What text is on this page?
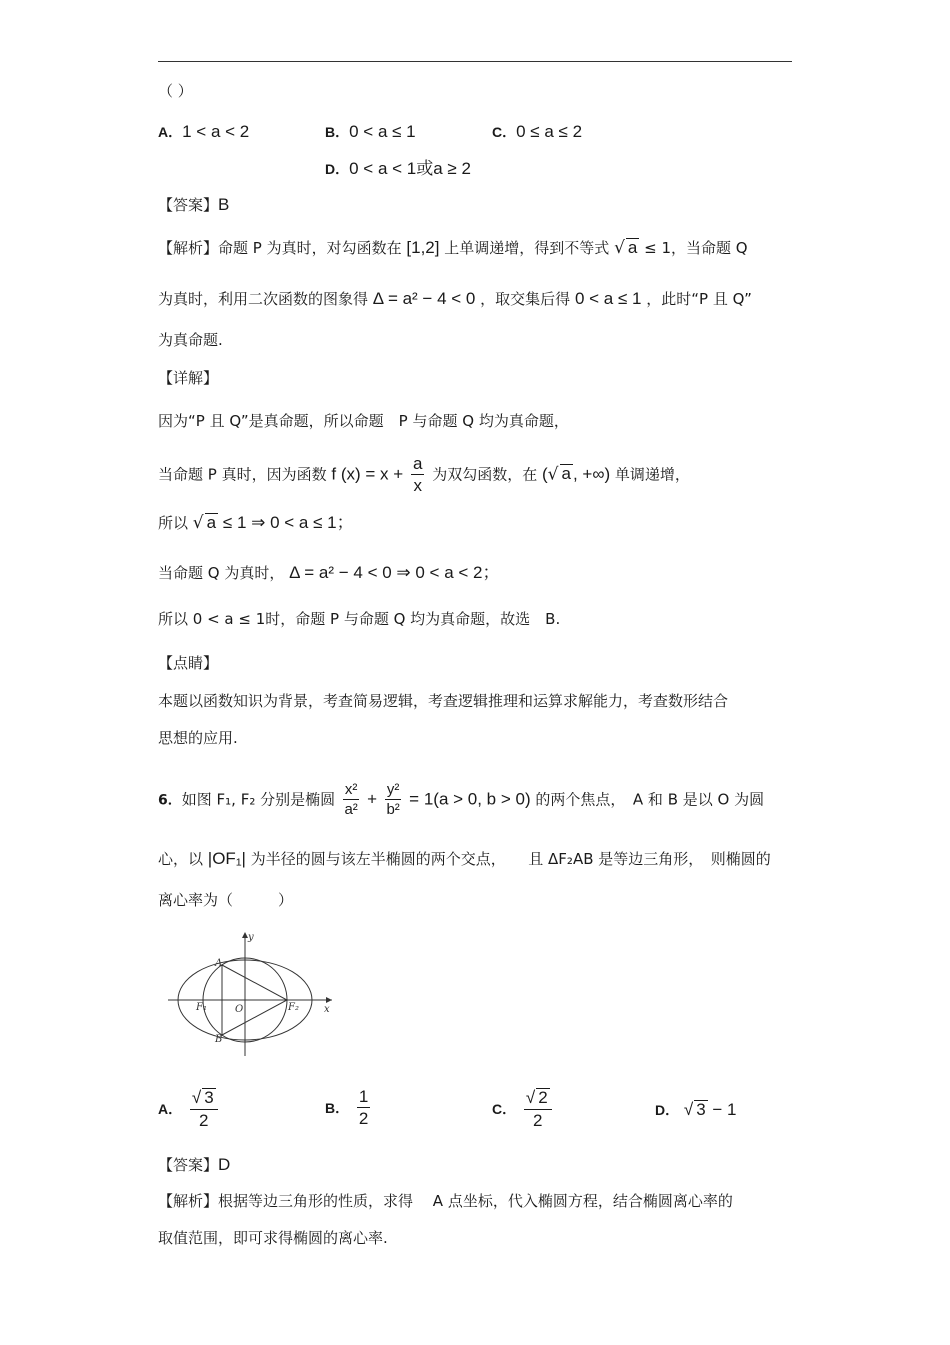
（ ）
A．1 < a < 2	B．0 < a ≤ 1	C．0 ≤ a ≤ 2
D．0 < a < 1或a ≥ 2
【答案】B
【解析】命题 P 为真时，对勾函数在 [1,2] 上单调递增，得到不等式 √ a ≤ 1，当命题 Q
为真时，利用二次函数的图象得 Δ = a² − 4 < 0 ，取交集后得 0 < a ≤ 1 ，此时“P 且 Q”
为真命题.
【详解】
因为“P 且 Q”是真命题，所以命题　P 与命题 Q 均为真命题，
当命题 P 真时，因为函数 f $(x) = x + \frac{a}{x}$ 为双勾函数，在 (√ a , +∞) 单调递增，
所以 √ a ≤ 1 ⇒ 0 < a ≤ 1；
当命题 Q 为真时， Δ = a² − 4 < 0 ⇒ 0 < a < 2；
所以 0 < a ≤ 1时，命题 P 与命题 Q 均为真命题，故选　B.
【点睛】
本题以函数知识为背景，考查简易逻辑，考查逻辑推理和运算求解能力，考查数形结合
思想的应用.
6．如图 F₁, F₂ 分别是椭圆 $\frac{\text{x²}}{\text{a²}} + \frac{\text{y²}}{\text{b²}} = 1(a > 0$, b > 0) 的两个焦点，　A 和 B 是以 O 为圆
心，以 |OF₁| 为半径的圆与该左半椭圆的两个交点，　　且 ΔF₂AB 是等边三角形，　则椭圆的
离心率为（　　　）
y
x
A
B
O
F₁	F₂
A． $\frac{√ 3}{2}$	B． $\frac{1}{2}$	C． $\frac{√ 2}{2}$	D． √ 3 − 1
【答案】D
【解析】根据等边三角形的性质，求得　 A 点坐标，代入椭圆方程，结合椭圆离心率的
取值范围，即可求得椭圆的离心率.
